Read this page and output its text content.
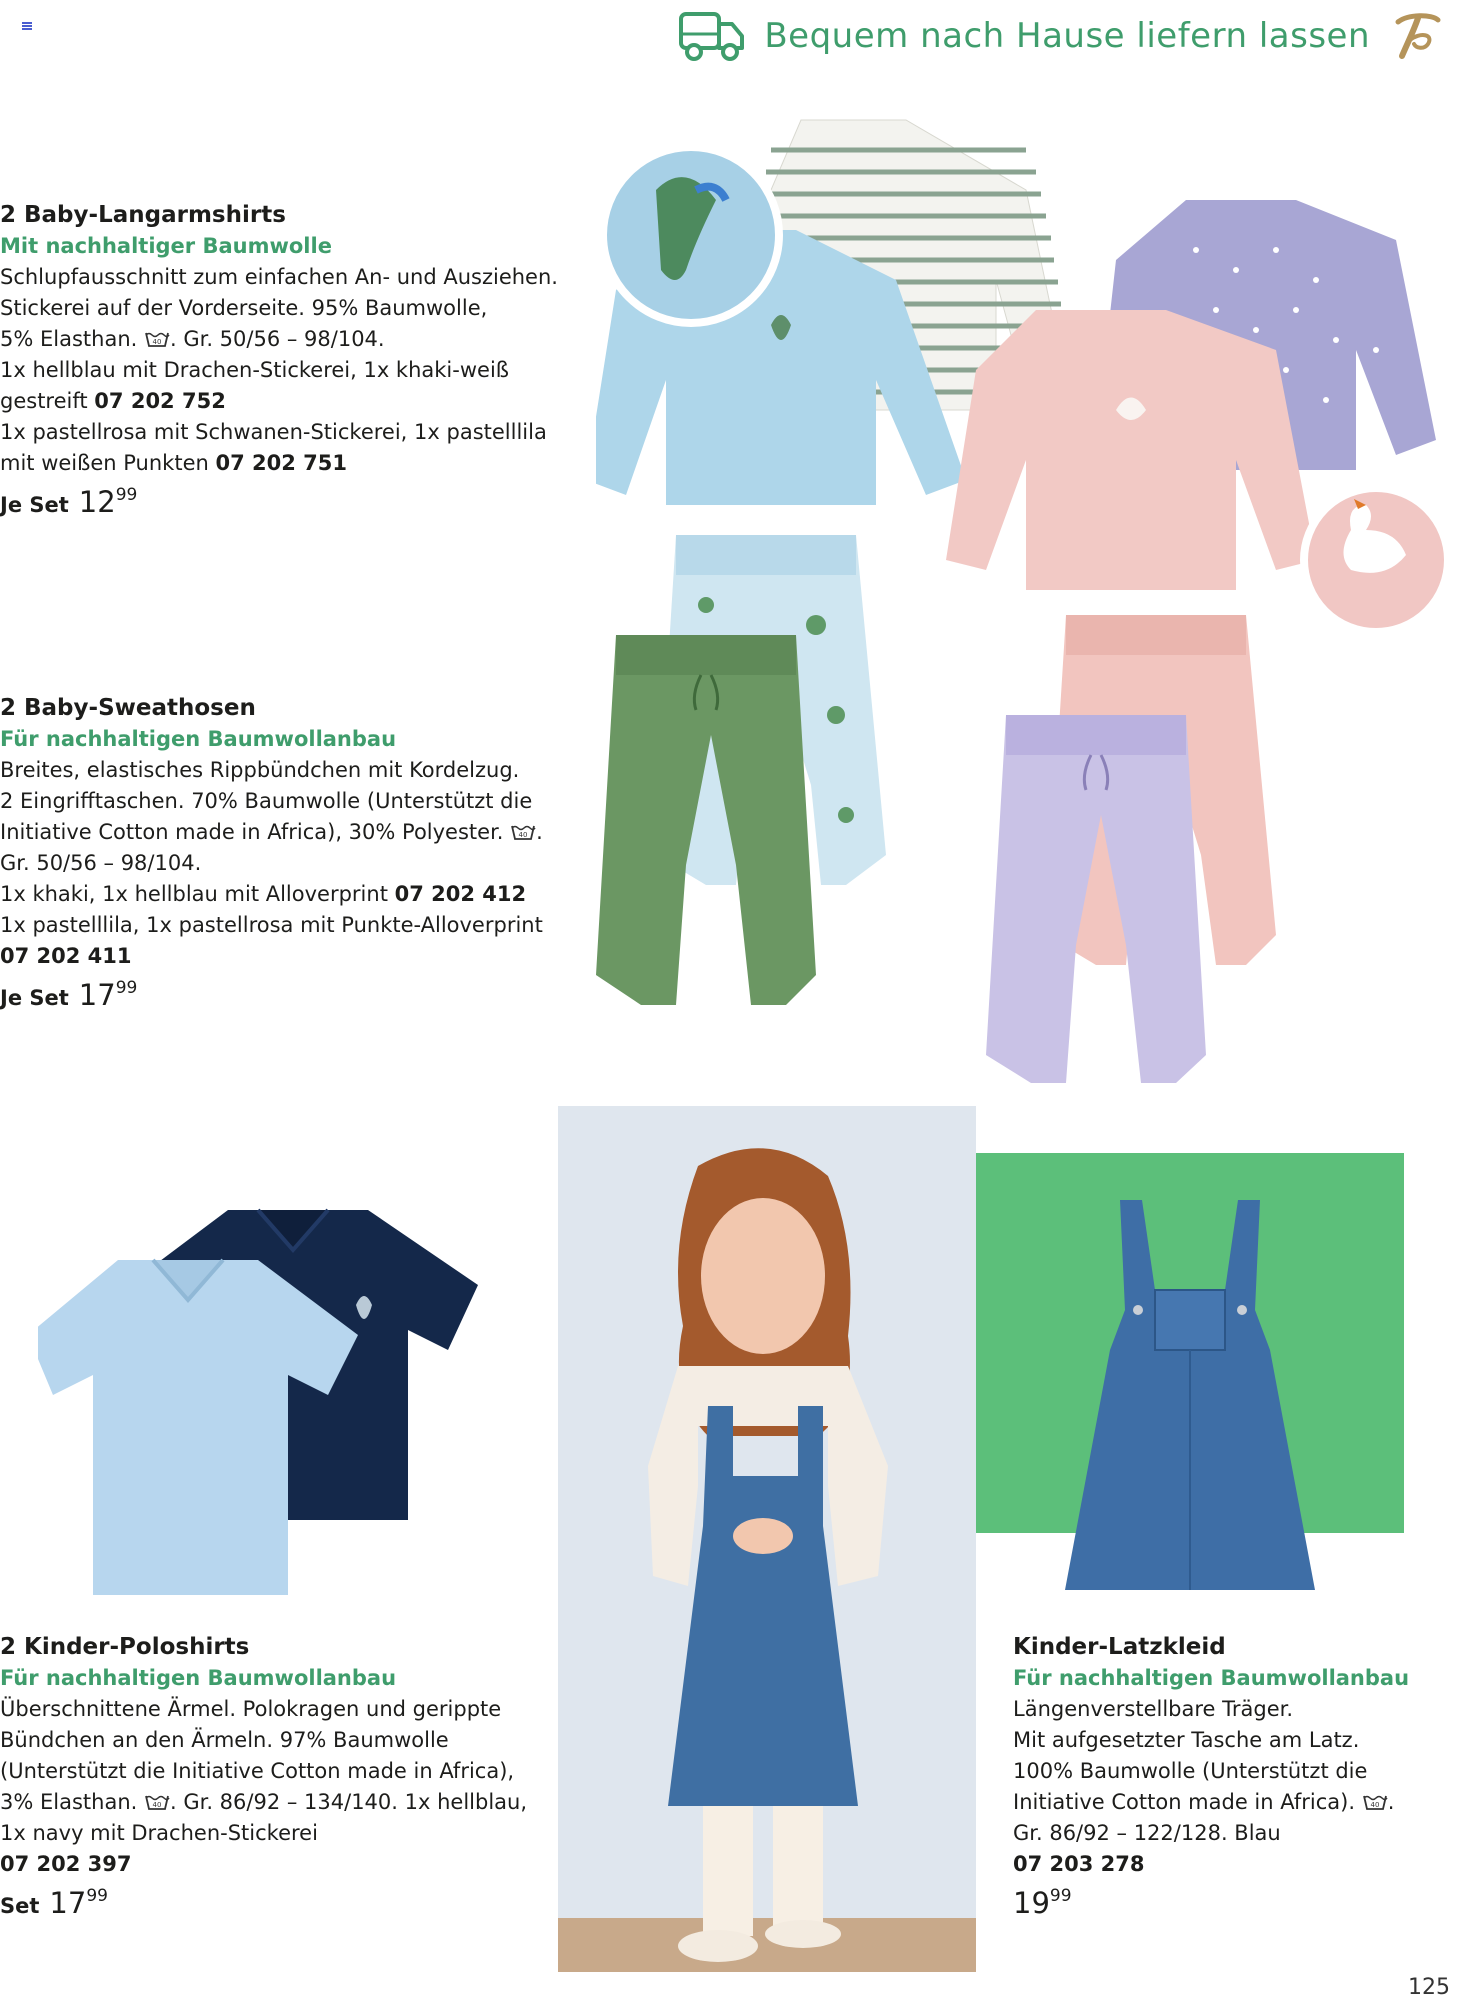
Bequem nach Hause liefern lassen
2 Baby-Langarmshirts
Mit nachhaltiger Baumwolle
Schlupfausschnitt zum einfachen An- und Ausziehen.
Stickerei auf der Vorderseite. 95% Baumwolle,
5% Elasthan. 40 . Gr. 50/56 – 98/104.
1x hellblau mit Drachen-Stickerei, 1x khaki-weiß
gestreift 07 202 752
1x pastellrosa mit Schwanen-Stickerei, 1x pastelllila
mit weißen Punkten 07 202 751
Je Set 12 99
2 Baby-Sweathosen
Für nachhaltigen Baumwollanbau
Breites, elastisches Rippbündchen mit Kordelzug.
2 Eingrifftaschen. 70% Baumwolle (Unterstützt die
Initiative Cotton made in Africa), 30% Polyester. 40 .
Gr. 50/56 – 98/104.
1x khaki, 1x hellblau mit Alloverprint 07 202 412
1x pastelllila, 1x pastellrosa mit Punkte-Alloverprint
07 202 411
Je Set 17 99
2 Kinder-Poloshirts
Für nachhaltigen Baumwollanbau
Überschnittene Ärmel. Polokragen und gerippte
Bündchen an den Ärmeln. 97% Baumwolle
(Unterstützt die Initiative Cotton made in Africa),
3% Elasthan. 40 . Gr. 86/92 – 134/140. 1x hellblau,
1x navy mit Drachen-Stickerei
07 202 397
Set 17 99
Kinder-Latzkleid
Für nachhaltigen Baumwollanbau
Längenverstellbare Träger.
Mit aufgesetzter Tasche am Latz.
100% Baumwolle (Unterstützt die
Initiative Cotton made in Africa). 40 .
Gr. 86/92 – 122/128. Blau
07 203 278
19 99
125
